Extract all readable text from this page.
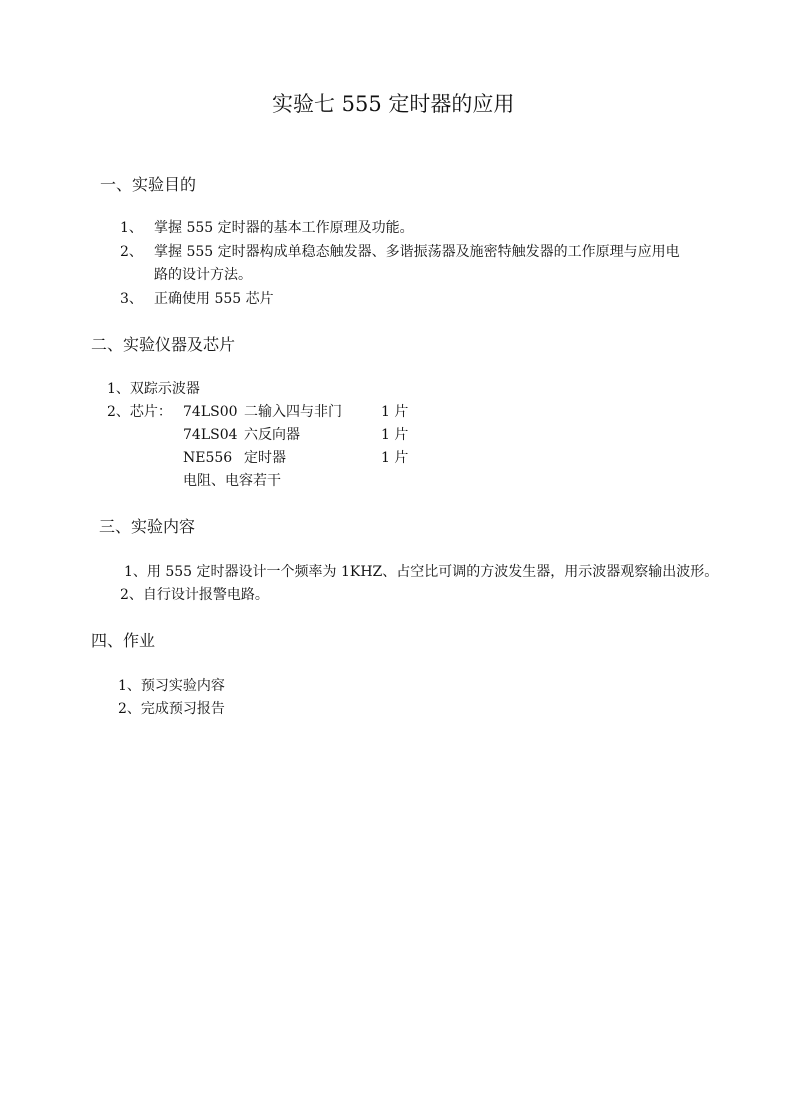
实验七 555 定时器的应用
一、实验目的
1、 掌握 555 定时器的基本工作原理及功能。
2、 掌握 555 定时器构成单稳态触发器、多谐振荡器及施密特触发器的工作原理与应用电
路的设计方法。
3、 正确使用 555 芯片
二、实验仪器及芯片
1、双踪示波器
2、芯片： 74LS00 二输入四与非门	1 片
74LS04 六反向器	1 片
NE556 定时器	1 片
电阻、电容若干
三、实验内容
1、用 555 定时器设计一个频率为 1KHZ、占空比可调的方波发生器，用示波器观察输出波形。
2、自行设计报警电路。
四、作业
1、预习实验内容
2、完成预习报告
